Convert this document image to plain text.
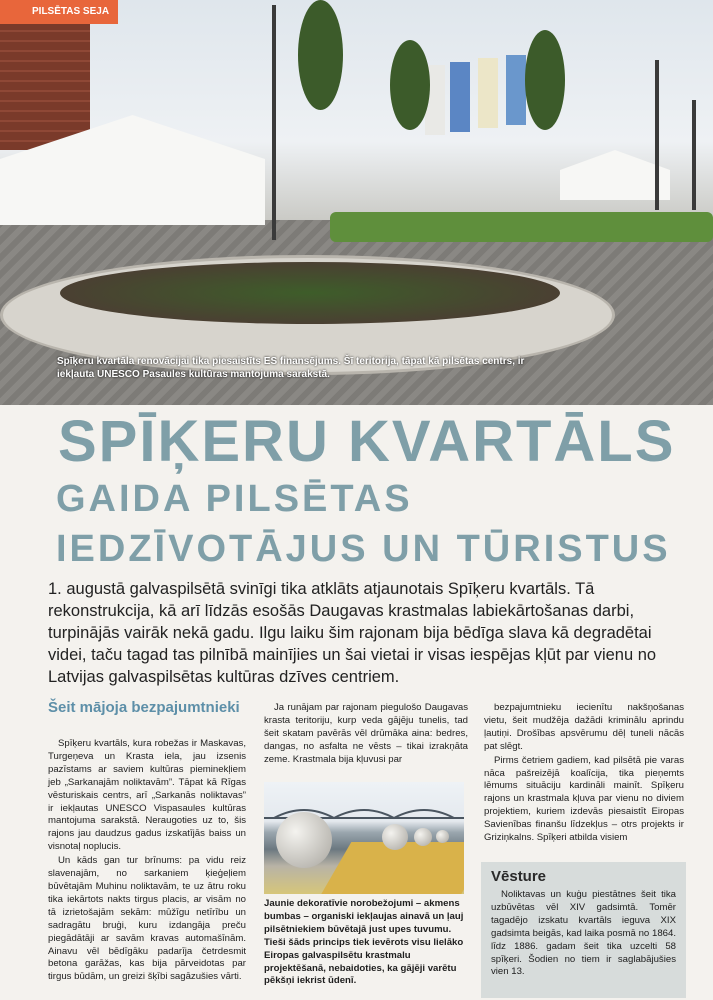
PILSĒTAS SEJA
Spīķeru kvartāla renovācijai tika piesaistīts ES finansējums. Šī teritorija, tāpat kā pilsētas centrs, ir iekļauta UNESCO Pasaules kultūras mantojuma sarakstā.
SPĪĶERU KVARTĀLS
GAIDA PILSĒTAS
IEDZĪVOTĀJUS UN TŪRISTUS

1. augustā galvaspilsētā svinīgi tika atklāts atjaunotais Spīķeru kvartāls. Tā rekonstrukcija, kā arī līdzās esošās Daugavas krastmalas labiekārtošanas darbi, turpinājās vairāk nekā gadu. Ilgu laiku šim rajonam bija bēdīga slava kā degradētai videi, taču tagad tas pilnībā mainījies un šai vietai ir visas iespējas kļūt par vienu no Latvijas galvaspilsētas kultūras dzīves centriem.

Šeit mājoja bezpajumtnieki

Spīķeru kvartāls, kura robežas ir Maskavas, Turgeņeva un Krasta iela, jau izsenis pazīstams ar saviem kultūras pieminekļiem jeb „Sarkanajām noliktavām”. Tāpat kā Rīgas vēsturiskais centrs, arī „Sarkanās noliktavas” ir iekļautas UNESCO Vispasaules kultūras mantojuma sarakstā. Neraugoties uz to, šis rajons jau daudzus gadus izskatījās baiss un visnotaļ nopluсis.

Un kāds gan tur brīnums: pa vidu reiz slavenajām, no sarkaniem ķieģeļiem būvētajām Muhinu noliktavām, te uz ātru roku tika iekārtots nakts tirgus placis, ar visām no tā izrietošajām sekām: mūžīgu netīrību un sadragātu bruģi, kuru izdangāja preču piegādātāji ar savām kravas automašīnām. Ainavu vēl bēdīgāku padarīja četrdesmit betona garāžas, kas bija pārveidotas par tirgus būdām, un greizi šķībi sagāzušies vārti.

Ja runājam par rajonam piegulošo Daugavas krasta teritoriju, kurp veda gājēju tunelis, tad šeit skatam pavērās vēl drūmāka aina: bedres, dangas, no asfalta ne vēsts – tikai izrakņāta zeme. Krastmala bija kļuvusi par

Jaunie dekoratīvie norobežojumi – akmens bumbas – organiski iekļaujas ainavā un ļauj pilsētniekiem būvētajā just upes tuvumu. Tieši šāds princips tiek ievērots visu lielāko Eiropas galvaspilsētu krastmalu projektēšanā, nebaidoties, ka gājēji varētu pēkšņi iekrist ūdenī.

bezpajumtnieku iecienītu nakšņošanas vietu, šeit mudžēja dažādi kriminālu aprindu ļautiņi. Drošības apsvērumu dēļ tuneli nācās pat slēgt.

Pirms četriem gadiem, kad pilsētā pie varas nāca pašreizējā koalīcija, tika pieņemts lēmums situāciju kardināli mainīt. Spīķeru rajons un krastmala kļuva par vienu no diviem projektiem, kuriem izdevās piesaistīt Eiropas Savienības finanšu līdzekļus – otrs projekts ir Griziņkalns. Spīķeri atbilda visiem

Vēsture

Noliktavas un kuģu piestātnes šeit tika uzbūvētas vēl XIV gadsimtā. Tomēr tagadējo izskatu kvartāls ieguva XIX gadsimta beigās, kad laika posmā no 1864. līdz 1886. gadam šeit tika uzcelti 58 spīķeri. Šodien no tiem ir saglabājušies vien 13.
